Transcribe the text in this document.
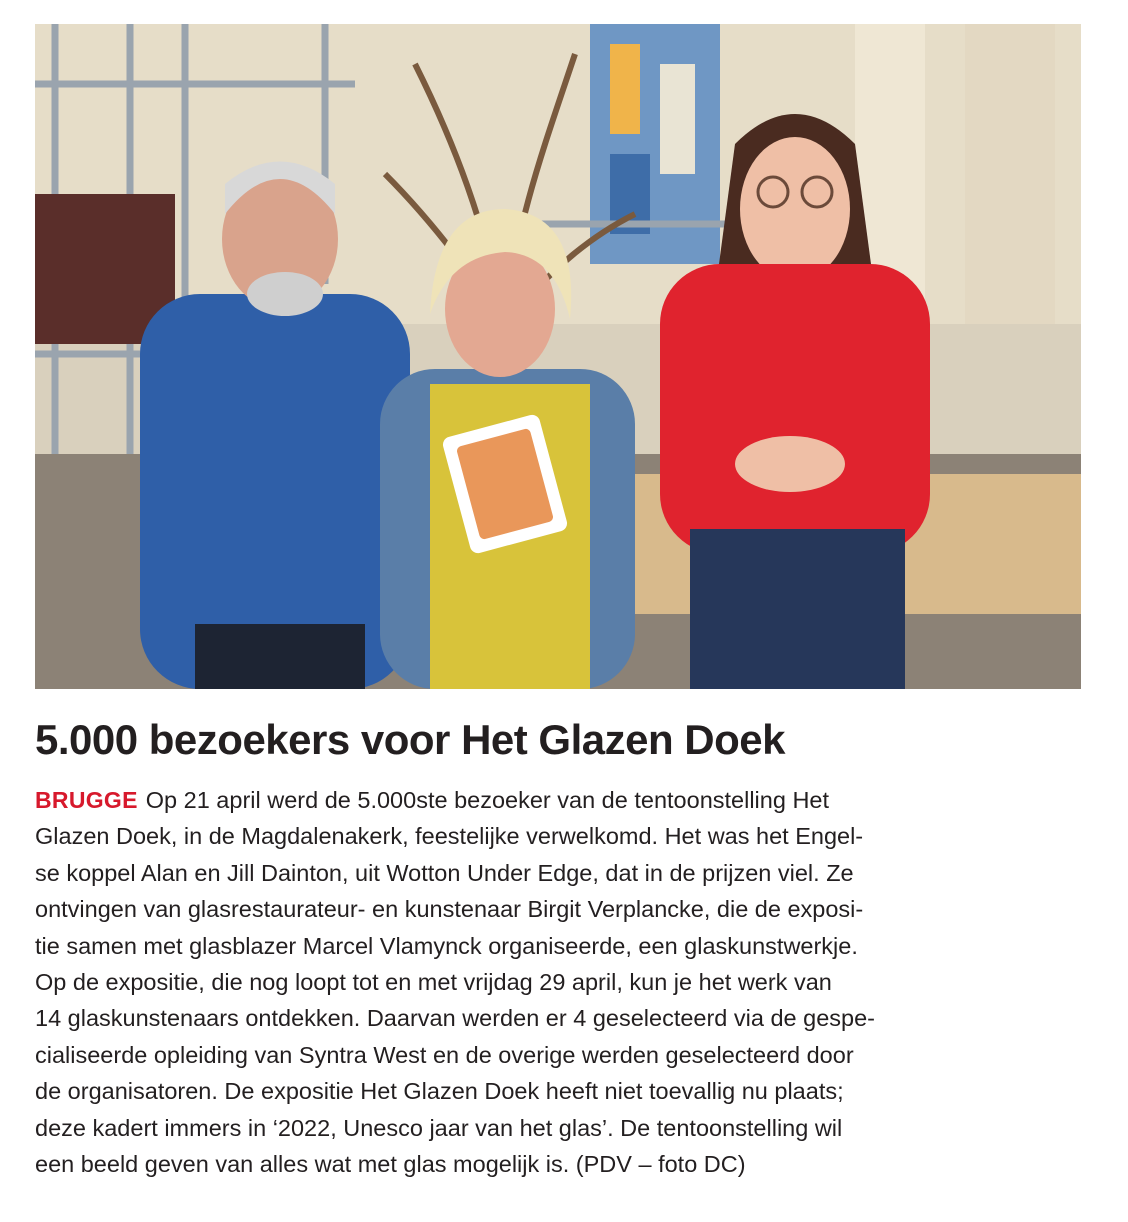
5.000 bezoekers voor Het Glazen Doek
BRUGGE Op 21 april werd de 5.000ste bezoeker van de tentoonstelling Het
Glazen Doek, in de Magdalenakerk, feestelijke verwelkomd. Het was het Engel-
se koppel Alan en Jill Dainton, uit Wotton Under Edge, dat in de prijzen viel. Ze
ontvingen van glasrestaurateur- en kunstenaar Birgit Verplancke, die de exposi-
tie samen met glasblazer Marcel Vlamynck organiseerde, een glaskunstwerkje.
Op de expositie, die nog loopt tot en met vrijdag 29 april, kun je het werk van
14 glaskunstenaars ontdekken. Daarvan werden er 4 geselecteerd via de gespe-
cialiseerde opleiding van Syntra West en de overige werden geselecteerd door
de organisatoren. De expositie Het Glazen Doek heeft niet toevallig nu plaats;
deze kadert immers in ‘2022, Unesco jaar van het glas’. De tentoonstelling wil
een beeld geven van alles wat met glas mogelijk is. (PDV – foto DC)
